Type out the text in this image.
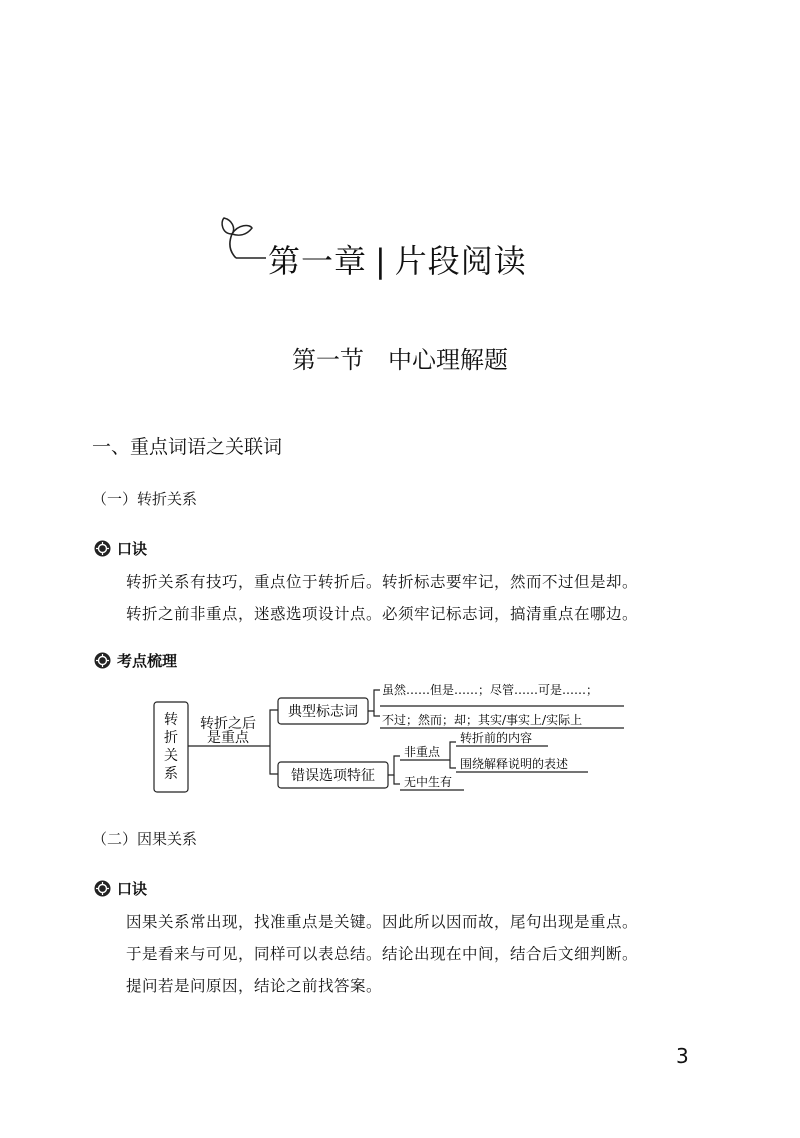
第一章 | 片段阅读
第一节 中心理解题
一、重点词语之关联词
（一）转折关系
口诀
转折关系有技巧，重点位于转折后。转折标志要牢记，然而不过但是却。
转折之前非重点，迷惑选项设计点。必须牢记标志词，搞清重点在哪边。
考点梳理
转
折
关
系
转折之后
是重点
典型标志词
错误选项特征
虽然……但是……；尽管……可是……；
不过；然而；却；其实/事实上/实际上
非重点
转折前的内容
围绕解释说明的表述
无中生有
（二）因果关系
口诀
因果关系常出现，找准重点是关键。因此所以因而故，尾句出现是重点。
于是看来与可见，同样可以表总结。结论出现在中间，结合后文细判断。
提问若是问原因，结论之前找答案。
3
